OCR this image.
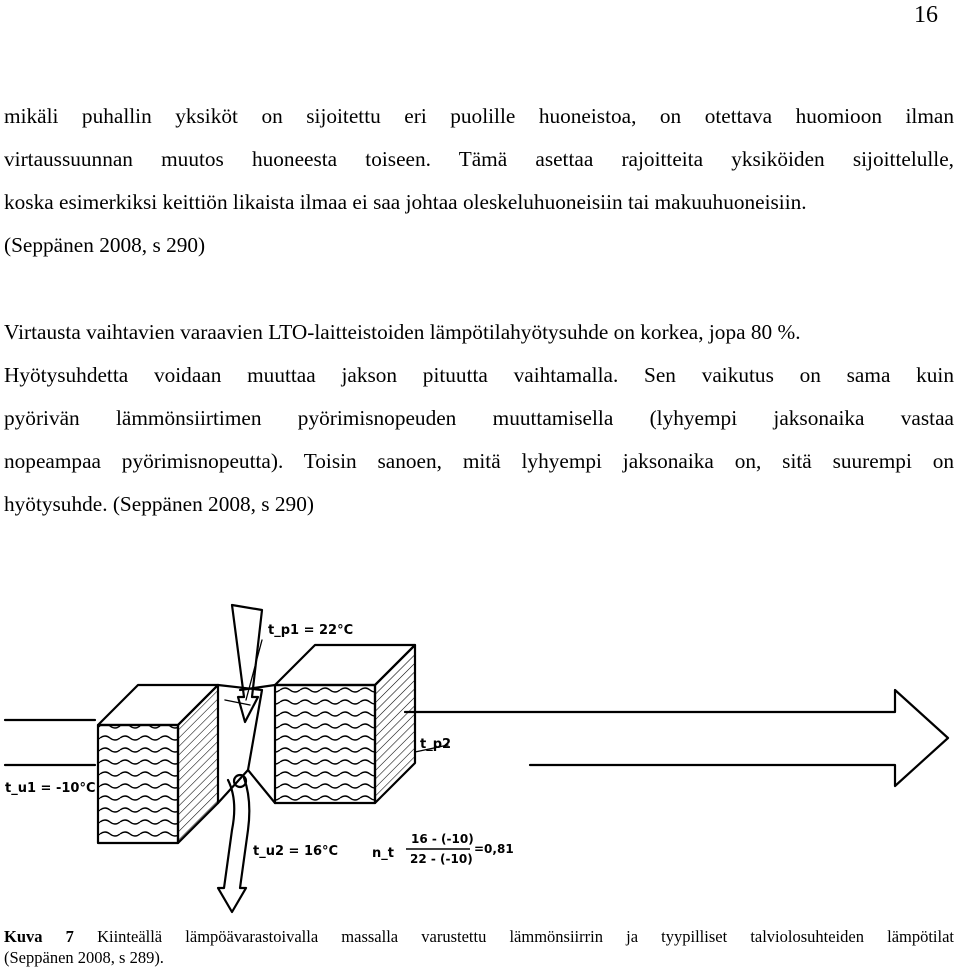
16

mikäli puhallin yksiköt on sijoitettu eri puolille huoneistoa, on otettava huomioon ilman
virtaussuunnan muutos huoneesta toiseen. Tämä asettaa rajoitteita yksiköiden sijoittelulle,
koska esimerkiksi keittiön likaista ilmaa ei saa johtaa oleskeluhuoneisiin tai makuuhuoneisiin.
(Seppänen 2008, s 290)

Virtausta vaihtavien varaavien LTO-laitteistoiden lämpötilahyötysuhde on korkea, jopa 80 %.
Hyötysuhdetta voidaan muuttaa jakson pituutta vaihtamalla. Sen vaikutus on sama kuin
pyörivän lämmönsiirtimen pyörimisnopeuden muuttamisella (lyhyempi jaksonaika vastaa
nopeampaa pyörimisnopeutta). Toisin sanoen, mitä lyhyempi jaksonaika on, sitä suurempi on
hyötysuhde. (Seppänen 2008, s 290)

t_p1 = 22°C
t_p2
t_u1 = -10°C
t_u2 = 16°C	n_t
16 - (-10)
22 - (-10)
=0,81
Kuva 7 Kiinteällä lämpöävarastoivalla massalla varustettu lämmönsiirrin ja tyypilliset talviolosuhteiden lämpötilat
(Seppänen 2008, s 289).
